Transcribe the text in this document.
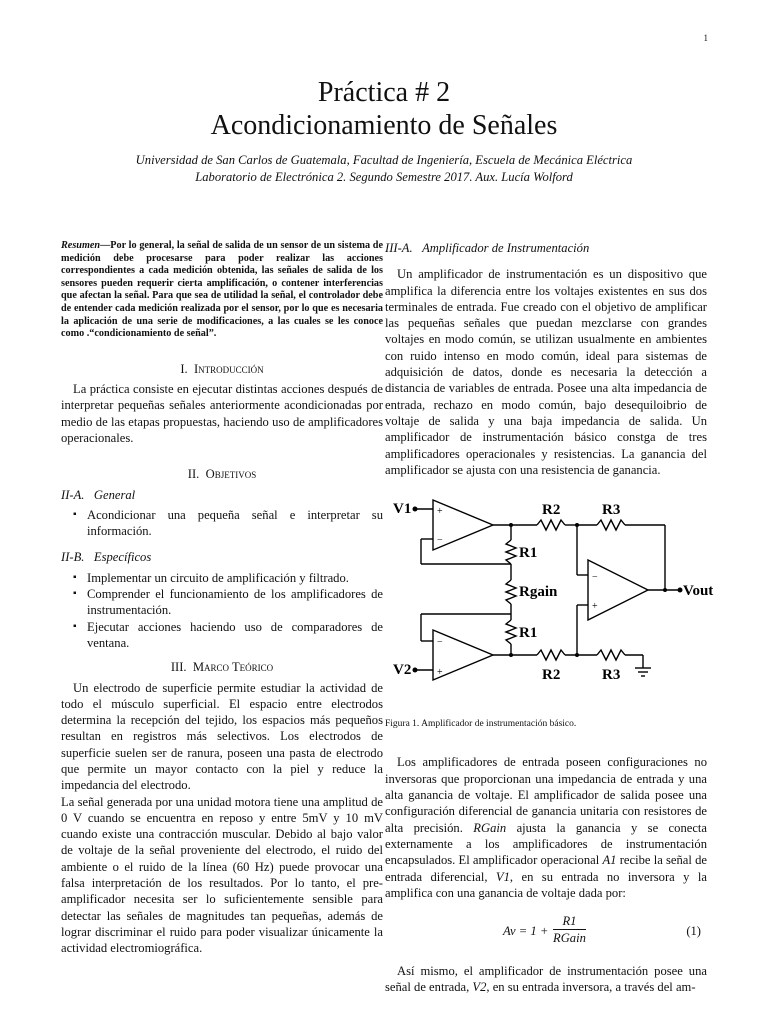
1
Práctica # 2
Acondicionamiento de Señales
Universidad de San Carlos de Guatemala, Facultad de Ingeniería, Escuela de Mecánica Eléctrica
Laboratorio de Electrónica 2. Segundo Semestre 2017. Aux. Lucía Wolford
Resumen—Por lo general, la señal de salida de un sensor de un sistema de medición debe procesarse para poder realizar las acciones correspondientes a cada medición obtenida, las señales de salida de los sensores pueden requerir cierta amplificación, o contener interferencias que afectan la señal. Para que sea de utilidad la señal, el controlador debe de entender cada medición realizada por el sensor, por lo que es necesaria la aplicación de una serie de modificaciones, a las cuales se les conoce como .“condicionamiento de señal”.
I. Introducción

La práctica consiste en ejecutar distintas acciones después de interpretar pequeñas señales anteriormente acondicionadas por medio de las etapas propuestas, haciendo uso de amplificadores operacionales.

II. Objetivos
II-A. General
▪ Acondicionar una pequeña señal e interpretar su información.
II-B. Específicos
▪ Implementar un circuito de amplificación y filtrado.
▪ Comprender el funcionamiento de los amplificadores de instrumentación.
▪ Ejecutar acciones haciendo uso de comparadores de ventana.
III. Marco Teórico

Un electrodo de superficie permite estudiar la actividad de todo el músculo superficial. El espacio entre electrodos determina la recepción del tejido, los espacios más pequeños resultan en registros más selectivos. Los electrodos de superficie suelen ser de ranura, poseen una pasta de electrodo que permite un mayor contacto con la piel y reduce la impedancia del electrodo.

La señal generada por una unidad motora tiene una amplitud de 0 V cuando se encuentra en reposo y entre 5mV y 10 mV cuando existe una contracción muscular. Debido al bajo valor de voltaje de la señal proveniente del electrodo, el ruido del ambiente o el ruido de la línea (60 Hz) puede provocar una falsa interpretación de los resultados. Por lo tanto, el pre-amplificador necesita ser lo suficientemente sensible para detectar las señales de magnitudes tan pequeñas, además de lograr discriminar el ruido para poder visualizar únicamente la actividad electromiográfica.

III-A. Amplificador de Instrumentación

Un amplificador de instrumentación es un dispositivo que amplifica la diferencia entre los voltajes existentes en sus dos terminales de entrada. Fue creado con el objetivo de amplificar las pequeñas señales que puedan mezclarse con grandes voltajes en modo común, se utilizan usualmente en ambientes con ruido intenso en modo común, ideal para sistemas de adquisición de datos, donde es necesaria la detección a distancia de variables de entrada. Posee una alta impedancia de entrada, rechazo en modo común, bajo desequiloibrio de voltaje de salida y una baja impedancia de salida. Un amplificador de instrumentación básico constga de tres amplificadores operacionales y resistencias. La ganancia del amplificador se ajusta con una resistencia de ganancia.

+
−
−
+
−
+
V1
V2
Vout
R2	R3
R2	R3
R1
Rgain
R1
Figura 1. Amplificador de instrumentación básico.

Los amplificadores de entrada poseen configuraciones no inversoras que proporcionan una impedancia de entrada y una alta ganancia de voltaje. El amplificador de salida posee una configuración diferencial de ganancia unitaria con resistores de alta precisión. RGain ajusta la ganancia y se conecta externamente a los amplificadores de instrumentación encapsulados. El amplificador operacional A1 recibe la señal de entrada diferencial, V1, en su entrada no inversora y la amplifica con una ganancia de voltaje dada por:

Av = 1 +
R1
RGain
(1)

Así mismo, el amplificador de instrumentación posee una señal de entrada, V2, en su entrada inversora, a través del am-
